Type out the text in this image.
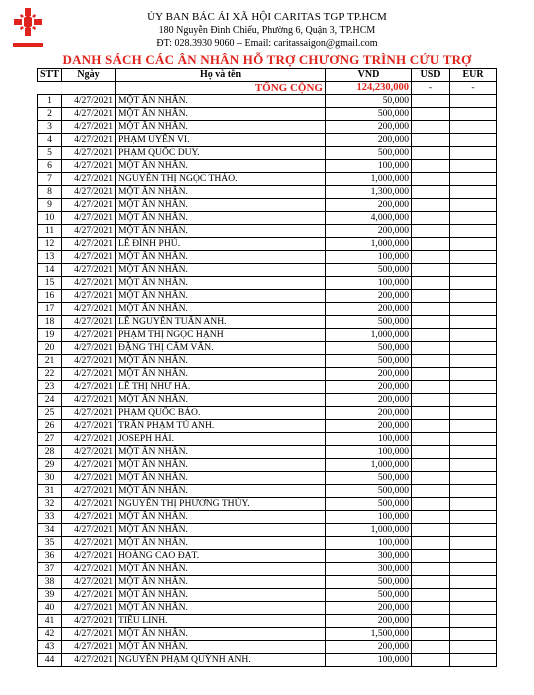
ỦY BAN BÁC ÁI XÃ HỘI CARITAS TGP TP.HCM
180 Nguyễn Đình Chiểu, Phường 6, Quận 3, TP.HCM
ĐT: 028.3930 9060 – Email: caritassaigon@gmail.com
DANH SÁCH CÁC ÂN NHÂN HỖ TRỢ CHƯƠNG TRÌNH CỨU TRỢ
STT	Ngày	Họ và tên	VND	USD	EUR
		TỔNG CỘNG	124,230,000	-	-
1	4/27/2021	MỘT ÂN NHÂN.	50,000		
2	4/27/2021	MỘT ÂN NHÂN.	500,000		
3	4/27/2021	MỘT ÂN NHÂN.	200,000		
4	4/27/2021	PHẠM UYÊN VI.	200,000		
5	4/27/2021	PHẠM QUỐC DUY.	500,000		
6	4/27/2021	MỘT ÂN NHÂN.	100,000		
7	4/27/2021	NGUYỄN THỊ NGỌC THẢO.	1,000,000		
8	4/27/2021	MỘT ÂN NHÂN.	1,300,000		
9	4/27/2021	MỘT ÂN NHÂN.	200,000		
10	4/27/2021	MỘT ÂN NHÂN.	4,000,000		
11	4/27/2021	MỘT ÂN NHÂN.	200,000		
12	4/27/2021	LÊ ĐÌNH PHÚ.	1,000,000		
13	4/27/2021	MỘT ÂN NHÂN.	100,000		
14	4/27/2021	MỘT ÂN NHÂN.	500,000		
15	4/27/2021	MỘT ÂN NHÂN.	100,000		
16	4/27/2021	MỘT ÂN NHÂN.	200,000		
17	4/27/2021	MỘT ÂN NHÂN.	200,000		
18	4/27/2021	LÊ NGUYỄN TUẤN ANH.	500,000		
19	4/27/2021	PHẠM THỊ NGỌC HẠNH	1,000,000		
20	4/27/2021	ĐẶNG THỊ CẨM VÂN.	500,000		
21	4/27/2021	MỘT ÂN NHÂN.	500,000		
22	4/27/2021	MỘT ÂN NHÂN.	200,000		
23	4/27/2021	LÊ THỊ NHƯ HÀ.	200,000		
24	4/27/2021	MỘT ÂN NHÂN.	200,000		
25	4/27/2021	PHẠM QUỐC BẢO.	200,000		
26	4/27/2021	TRẦN PHẠM TÚ ANH.	200,000		
27	4/27/2021	JOSEPH HẢI.	100,000		
28	4/27/2021	MỘT ÂN NHÂN.	100,000		
29	4/27/2021	MỘT ÂN NHÂN.	1,000,000		
30	4/27/2021	MỘT ÂN NHÂN.	500,000		
31	4/27/2021	MỘT ÂN NHÂN.	500,000		
32	4/27/2021	NGUYỄN THỊ PHƯƠNG THỦY.	500,000		
33	4/27/2021	MỘT ÂN NHÂN.	100,000		
34	4/27/2021	MỘT ÂN NHÂN.	1,000,000		
35	4/27/2021	MỘT ÂN NHÂN.	100,000		
36	4/27/2021	HOÀNG CAO ĐẠT.	300,000		
37	4/27/2021	MỘT ÂN NHÂN.	300,000		
38	4/27/2021	MỘT ÂN NHÂN.	500,000		
39	4/27/2021	MỘT ÂN NHÂN.	500,000		
40	4/27/2021	MỘT ÂN NHÂN.	200,000		
41	4/27/2021	TIỂU LINH.	200,000		
42	4/27/2021	MỘT ÂN NHÂN.	1,500,000		
43	4/27/2021	MỘT ÂN NHÂN.	200,000		
44	4/27/2021	NGUYỄN PHẠM QUỲNH ANH.	100,000		
